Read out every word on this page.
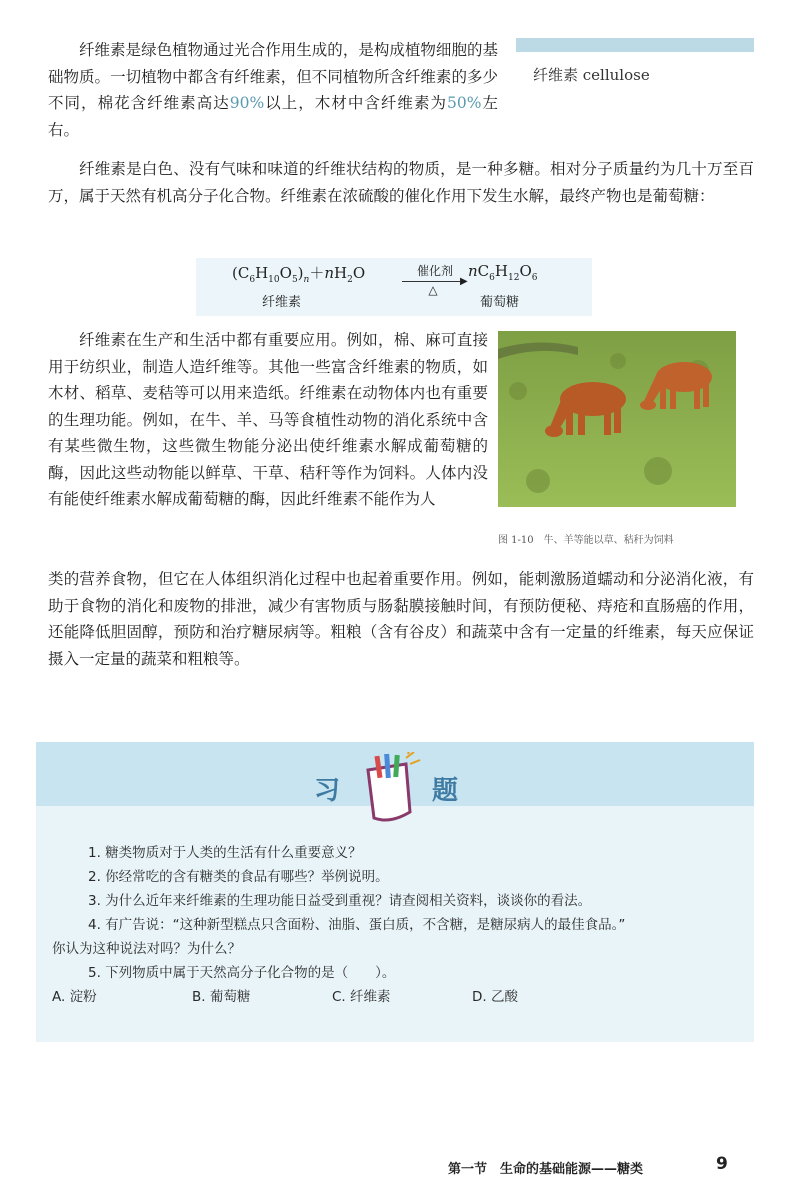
纤维素 cellulose

纤维素是绿色植物通过光合作用生成的，是构成植物细胞的基础物质。一切植物中都含有纤维素，但不同植物所含纤维素的多少不同，棉花含纤维素高达90%以上，木材中含纤维素为50%左右。

纤维素是白色、没有气味和味道的纤维状结构的物质，是一种多糖。相对分子质量约为几十万至百万，属于天然有机高分子化合物。纤维素在浓硫酸的催化作用下发生水解，最终产物也是葡萄糖：

$(C_6H_{10}O_5)_n+nH_2O$	催化剂
▶
△
$nC_6H_{12}O_6$
纤维素	葡萄糖

纤维素在生产和生活中都有重要应用。例如，棉、麻可直接用于纺织业，制造人造纤维等。其他一些富含纤维素的物质，如木材、稻草、麦秸等可以用来造纸。纤维素在动物体内也有重要的生理功能。例如，在牛、羊、马等食植性动物的消化系统中含有某些微生物，这些微生物能分泌出使纤维素水解成葡萄糖的酶，因此这些动物能以鲜草、干草、秸秆等作为饲料。人体内没有能使纤维素水解成葡萄糖的酶，因此纤维素不能作为人

图 1-10　牛、羊等能以草、秸秆为饲料

类的营养食物，但它在人体组织消化过程中也起着重要作用。例如，能刺激肠道蠕动和分泌消化液，有助于食物的消化和废物的排泄，减少有害物质与肠黏膜接触时间，有预防便秘、痔疮和直肠癌的作用，还能降低胆固醇，预防和治疗糖尿病等。粗粮（含有谷皮）和蔬菜中含有一定量的纤维素，每天应保证摄入一定量的蔬菜和粗粮等。

习	题
1. 糖类物质对于人类的生活有什么重要意义？
2. 你经常吃的含有糖类的食品有哪些？举例说明。
3. 为什么近年来纤维素的生理功能日益受到重视？请查阅相关资料，谈谈你的看法。
4. 有广告说：“这种新型糕点只含面粉、油脂、蛋白质，不含糖，是糖尿病人的最佳食品。”
你认为这种说法对吗？为什么？
5. 下列物质中属于天然高分子化合物的是（　　）。
A. 淀粉	B. 葡萄糖	C. 纤维素	D. 乙酸
第一节　生命的基础能源——糖类	9
